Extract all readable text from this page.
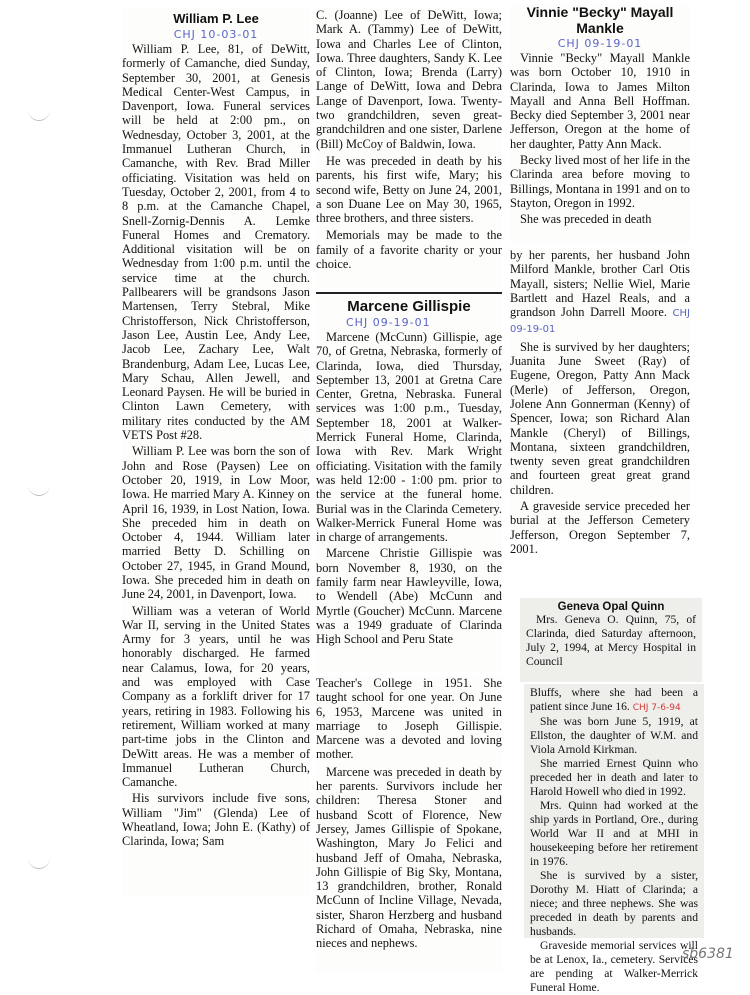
William P. Lee
CHJ 10-03-01

William P. Lee, 81, of DeWitt, formerly of Camanche, died Sunday, September 30, 2001, at Genesis Medical Center-West Campus, in Davenport, Iowa. Funeral services will be held at 2:00 pm., on Wednesday, October 3, 2001, at the Immanuel Lutheran Church, in Camanche, with Rev. Brad Miller officiating. Visitation was held on Tuesday, October 2, 2001, from 4 to 8 p.m. at the Camanche Chapel, Snell-Zornig-Dennis A. Lemke Funeral Homes and Crematory. Additional visitation will be on Wednesday from 1:00 p.m. until the service time at the church. Pallbearers will be grandsons Jason Martensen, Terry Stebral, Mike Christofferson, Nick Christofferson, Jason Lee, Austin Lee, Andy Lee, Jacob Lee, Zachary Lee, Walt Brandenburg, Adam Lee, Lucas Lee, Mary Schau, Allen Jewell, and Leonard Paysen. He will be buried in Clinton Lawn Cemetery, with military rites conducted by the AM VETS Post #28.

William P. Lee was born the son of John and Rose (Paysen) Lee on October 20, 1919, in Low Moor, Iowa. He married Mary A. Kinney on April 16, 1939, in Lost Nation, Iowa. She preceded him in death on October 4, 1944. William later married Betty D. Schilling on October 27, 1945, in Grand Mound, Iowa. She preceded him in death on June 24, 2001, in Davenport, Iowa.

William was a veteran of World War II, serving in the United States Army for 3 years, until he was honorably discharged. He farmed near Calamus, Iowa, for 20 years, and was employed with Case Company as a forklift driver for 17 years, retiring in 1983. Following his retirement, William worked at many part-time jobs in the Clinton and DeWitt areas. He was a member of Immanuel Lutheran Church, Camanche.

His survivors include five sons, William "Jim" (Glenda) Lee of Wheatland, Iowa; John E. (Kathy) of Clarinda, Iowa; Sam

C. (Joanne) Lee of DeWitt, Iowa; Mark A. (Tammy) Lee of DeWitt, Iowa and Charles Lee of Clinton, Iowa. Three daughters, Sandy K. Lee of Clinton, Iowa; Brenda (Larry) Lange of DeWitt, Iowa and Debra Lange of Davenport, Iowa. Twenty-two grandchildren, seven great-grandchildren and one sister, Darlene (Bill) McCoy of Baldwin, Iowa.

He was preceded in death by his parents, his first wife, Mary; his second wife, Betty on June 24, 2001, a son Duane Lee on May 30, 1965, three brothers, and three sisters.

Memorials may be made to the family of a favorite charity or your choice.

Marcene Gillispie
CHJ 09-19-01

Marcene (McCunn) Gillispie, age 70, of Gretna, Nebraska, formerly of Clarinda, Iowa, died Thursday, September 13, 2001 at Gretna Care Center, Gretna, Nebraska. Funeral services was 1:00 p.m., Tuesday, September 18, 2001 at Walker-Merrick Funeral Home, Clarinda, Iowa with Rev. Mark Wright officiating. Visitation with the family was held 12:00 - 1:00 pm. prior to the service at the funeral home. Burial was in the Clarinda Cemetery. Walker-Merrick Funeral Home was in charge of arrangements.

Marcene Christie Gillispie was born November 8, 1930, on the family farm near Hawleyville, Iowa, to Wendell (Abe) McCunn and Myrtle (Goucher) McCunn. Marcene was a 1949 graduate of Clarinda High School and Peru State

Teacher's College in 1951. She taught school for one year. On June 6, 1953, Marcene was united in marriage to Joseph Gillispie. Marcene was a devoted and loving mother.

Marcene was preceded in death by her parents. Survivors include her children: Theresa Stoner and husband Scott of Florence, New Jersey, James Gillispie of Spokane, Washington, Mary Jo Felici and husband Jeff of Omaha, Nebraska, John Gillispie of Big Sky, Montana, 13 grandchildren, brother, Ronald McCunn of Incline Village, Nevada, sister, Sharon Herzberg and husband Richard of Omaha, Nebraska, nine nieces and nephews.

Vinnie "Becky" Mayall Mankle
CHJ 09-19-01

Vinnie "Becky" Mayall Mankle was born October 10, 1910 in Clarinda, Iowa to James Milton Mayall and Anna Bell Hoffman. Becky died September 3, 2001 near Jefferson, Oregon at the home of her daughter, Patty Ann Mack.

Becky lived most of her life in the Clarinda area before moving to Billings, Montana in 1991 and on to Stayton, Oregon in 1992.

She was preceded in death

by her parents, her husband John Milford Mankle, brother Carl Otis Mayall, sisters; Nellie Wiel, Marie Bartlett and Hazel Reals, and a grandson John Darrell Moore. CHJ 09-19-01

She is survived by her daughters; Juanita June Sweet (Ray) of Eugene, Oregon, Patty Ann Mack (Merle) of Jefferson, Oregon, Jolene Ann Gonnerman (Kenny) of Spencer, Iowa; son Richard Alan Mankle (Cheryl) of Billings, Montana, sixteen grandchildren, twenty seven great grandchildren and fourteen great great grand children.

A graveside service preceded her burial at the Jefferson Cemetery Jefferson, Oregon September 7, 2001.

Geneva Opal Quinn

Mrs. Geneva O. Quinn, 75, of Clarinda, died Saturday afternoon, July 2, 1994, at Mercy Hospital in Council

Bluffs, where she had been a patient since June 16. CHJ 7-6-94

She was born June 5, 1919, at Ellston, the daughter of W.M. and Viola Arnold Kirkman.

She married Ernest Quinn who preceded her in death and later to Harold Howell who died in 1992.

Mrs. Quinn had worked at the ship yards in Portland, Ore., during World War II and at MHI in housekeeping before her retirement in 1976.

She is survived by a sister, Dorothy M. Hiatt of Clarinda; a niece; and three nephews. She was preceded in death by parents and husbands.

Graveside memorial services will be at Lenox, Ia., cemetery. Services are pending at Walker-Merrick Funeral Home.

sb6381
